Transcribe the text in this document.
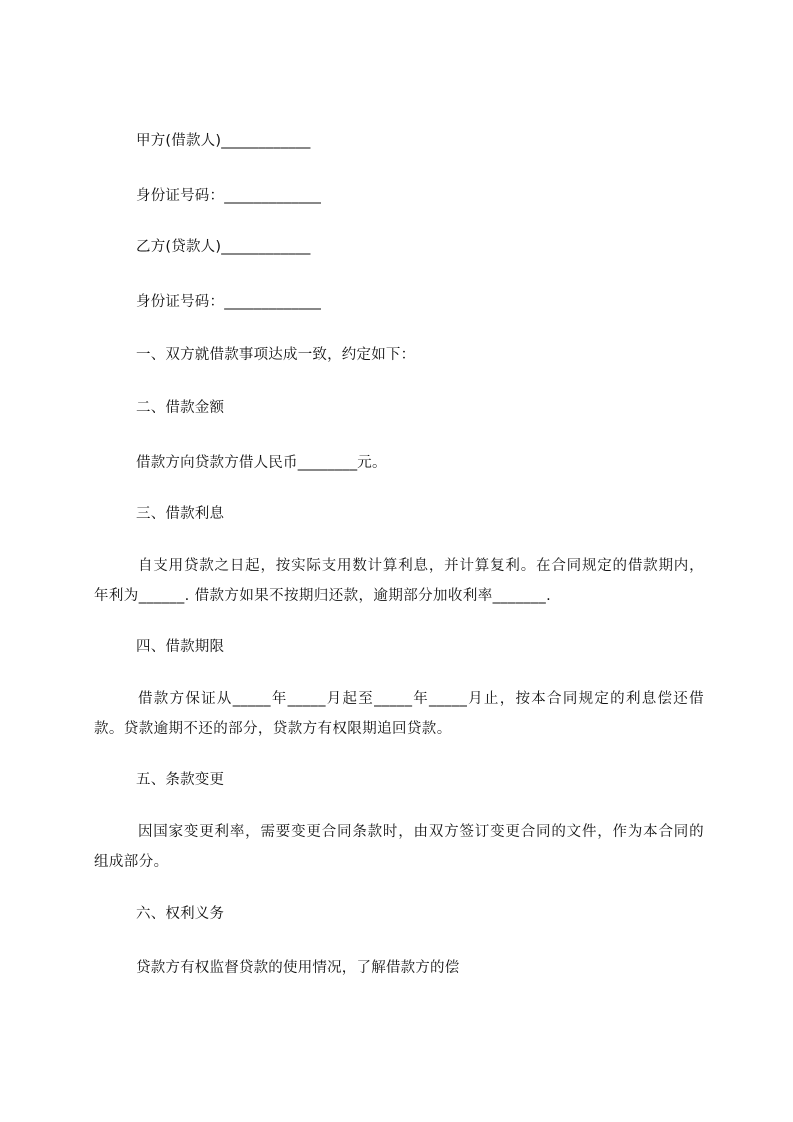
甲方(借款人)____________
身份证号码：_____________
乙方(贷款人)____________
身份证号码：_____________
一、双方就借款事项达成一致，约定如下：
二、借款金额
借款方向贷款方借人民币________元。
三、借款利息
自支用贷款之日起，按实际支用数计算利息，并计算复利。在合同规定的借款期内，年利为______. 借款方如果不按期归还款，逾期部分加收利率_______.
四、借款期限
借款方保证从_____年_____月起至_____年_____月止，按本合同规定的利息偿还借款。贷款逾期不还的部分，贷款方有权限期追回贷款。
五、条款变更
因国家变更利率，需要变更合同条款时，由双方签订变更合同的文件，作为本合同的组成部分。
六、权利义务
贷款方有权监督贷款的使用情况，了解借款方的偿
